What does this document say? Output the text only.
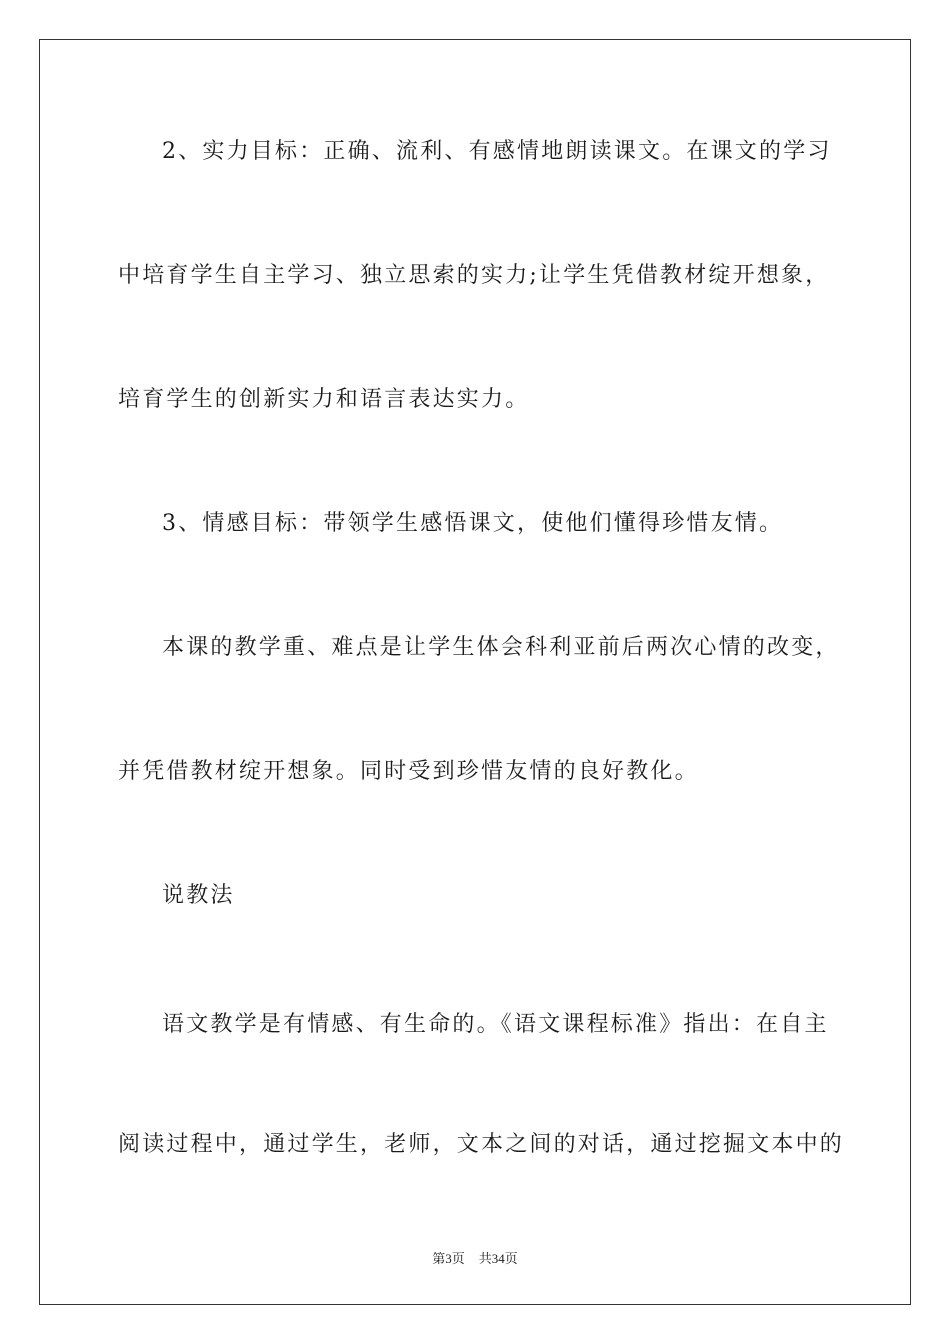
2、实力目标：正确、流利、有感情地朗读课文。在课文的学习
中培育学生自主学习、独立思索的实力;让学生凭借教材绽开想象，
培育学生的创新实力和语言表达实力。
3、情感目标：带领学生感悟课文，使他们懂得珍惜友情。
本课的教学重、难点是让学生体会科利亚前后两次心情的改变，
并凭借教材绽开想象。同时受到珍惜友情的良好教化。
说教法
语文教学是有情感、有生命的。《语文课程标准》指出：在自主
阅读过程中，通过学生，老师，文本之间的对话，通过挖掘文本中的
第3页 共34页
